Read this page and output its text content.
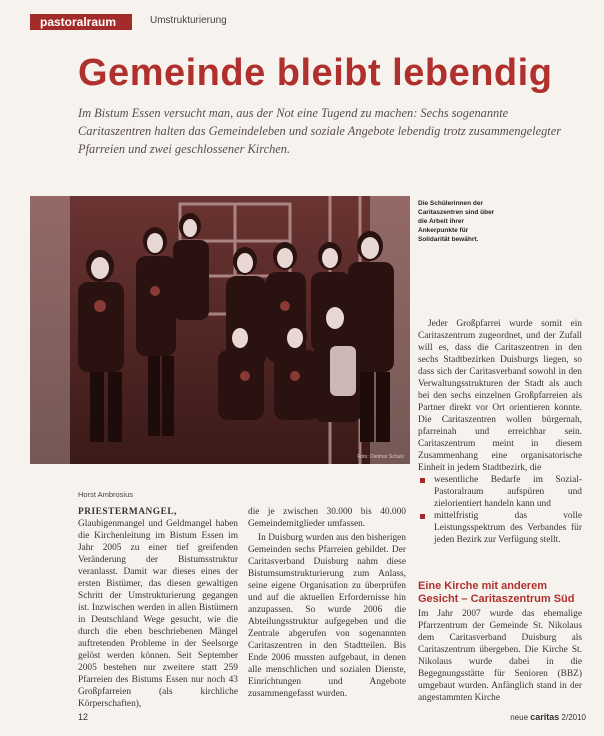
pastoralraum	Umstrukturierung
Gemeinde bleibt lebendig

Im Bistum Essen versucht man, aus der Not eine Tugend zu machen: Sechs sogenannte Caritaszentren halten das Gemeindeleben und soziale Angebote lebendig trotz zusammengelegter Pfarreien und zwei geschlossener Kirchen.

Foto: Dietmar Schulz

Die Schülerinnen der Caritaszentren sind über die Arbeit ihrer Ankerpunkte für Solidarität bewährt.

Horst Ambrosius

PRIESTERMANGEL, Glaubigenmangel und Geldmangel haben die Kirchenleitung im Bistum Essen im Jahr 2005 zu einer tief greifenden Veränderung der Bistumsstruktur veranlasst. Damit war dieses eines der ersten Bistümer, das diesen gewaltigen Schritt der Umstrukturierung gegangen ist. Inzwischen werden in allen Bistümern in Deutschland Wege gesucht, wie die durch die eben beschriebenen Mängel auftretenden Probleme in der Seelsorge gelöst werden können. Seit September 2005 bestehen nur zweitere statt 259 Pfarreien des Bistums Essen nur noch 43 Großpfarreien (als kirchliche Körperschaften),

die je zwischen 30.000 bis 40.000 Gemeindemitglieder umfassen.

In Duisburg wurden aus den bisherigen Gemeinden sechs Pfarreien gebildet. Der Caritasverband Duisburg nahm diese Bistumsumstrukturierung zum Anlass, seine eigene Organisation zu überprüfen und auf die aktuellen Erfordernisse hin anzupassen. So wurde 2006 die Abteilungsstruktur aufgegeben und die Zentrale abgerufen von sogenannten Caritaszentren in den Stadtteilen. Bis Ende 2006 mussten aufgebaut, in denen alle menschlichen und sozialen Dienste, Einrichtungen und Angebote zusammengefasst wurden.

Jeder Großpfarrei wurde somit ein Caritaszentrum zugeordnet, und der Zufall will es, dass die Caritaszentren in den sechs Stadtbezirken Duisburgs liegen, so dass sich der Caritasverband sowohl in den Verwaltungsstrukturen der Stadt als auch bei den sechs einzelnen Großpfarreien als Partner direkt vor Ort orientieren konnte. Die Caritaszentren wollen bürgernah, pfarreinah und erreichbar sein. Caritaszentrum meint in diesem Zusammenhang eine organisatorische Einheit in jedem Stadtbezirk, die

wesentliche Bedarfe im Sozial-Pastoralraum aufspüren und zielorientiert handeln kann und
mittelfristig das volle Leistungsspektrum des Verbandes für jeden Bezirk zur Verfügung stellt.
Eine Kirche mit anderem Gesicht – Caritaszentrum Süd

Im Jahr 2007 wurde das ehemalige Pfarrzentrum der Gemeinde St. Nikolaus dem Caritasverband Duisburg als Caritaszentrum übergeben. Die Kirche St. Nikolaus wurde dabei in die Begegnungsstätte für Senioren (BBZ) umgebaut wurden. Anfänglich stand in der angestammten Kirche

12	neue caritas 2/2010
